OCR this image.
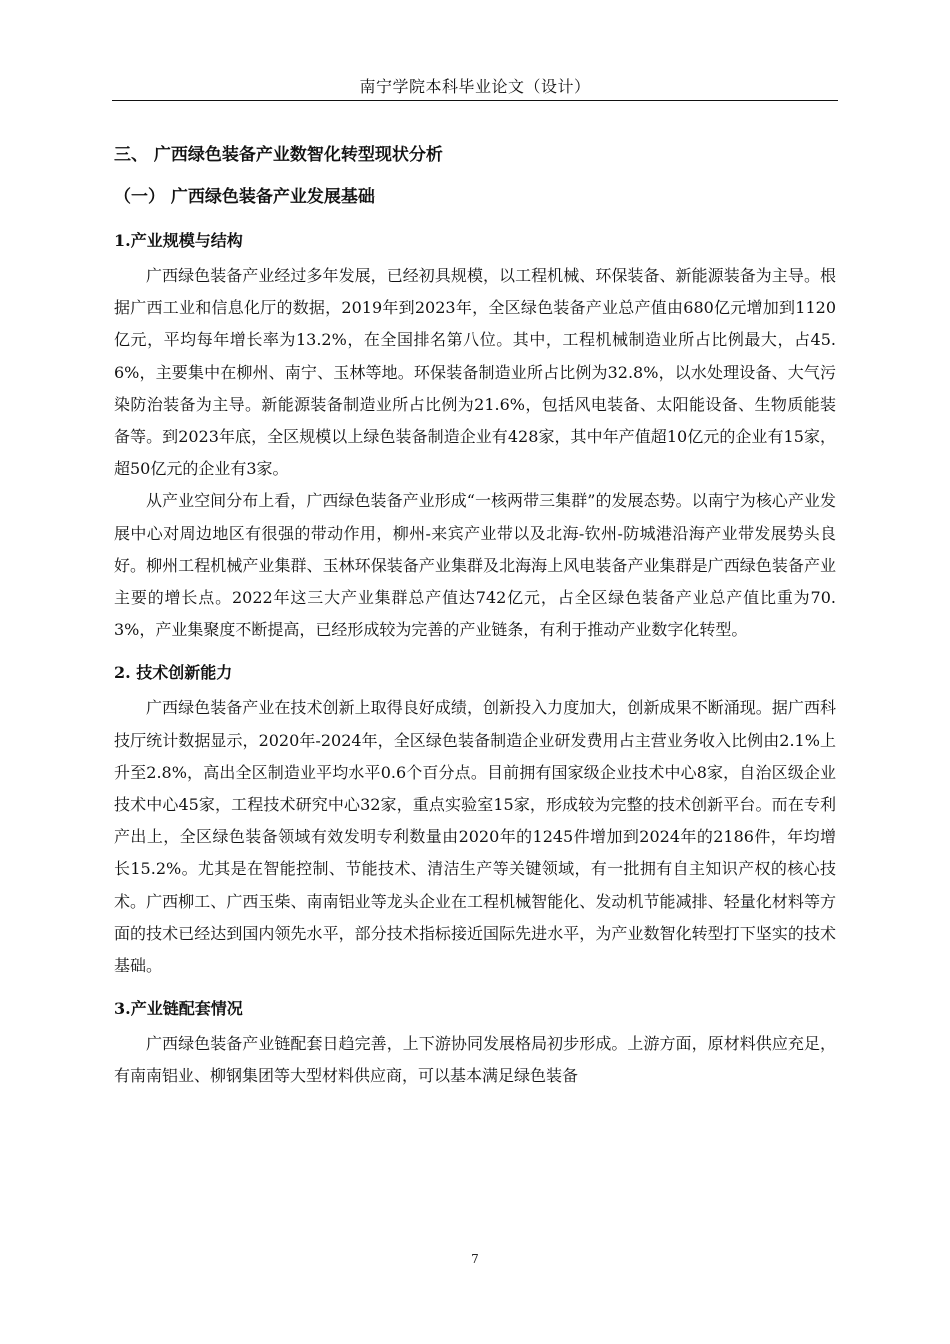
南宁学院本科毕业论文（设计）
三、 广西绿色装备产业数智化转型现状分析
（一） 广西绿色装备产业发展基础
1.产业规模与结构

广西绿色装备产业经过多年发展，已经初具规模，以工程机械、环保装备、新能源装备为主导。根据广西工业和信息化厅的数据，2019年到2023年，全区绿色装备产业总产值由680亿元增加到1120亿元，平均每年增长率为13.2%，在全国排名第八位。其中，工程机械制造业所占比例最大，占45.6%，主要集中在柳州、南宁、玉林等地。环保装备制造业所占比例为32.8%，以水处理设备、大气污染防治装备为主导。新能源装备制造业所占比例为21.6%，包括风电装备、太阳能设备、生物质能装备等。到2023年底，全区规模以上绿色装备制造企业有428家，其中年产值超10亿元的企业有15家，超50亿元的企业有3家。

从产业空间分布上看，广西绿色装备产业形成“一核两带三集群”的发展态势。以南宁为核心产业发展中心对周边地区有很强的带动作用，柳州-来宾产业带以及北海-钦州-防城港沿海产业带发展势头良好。柳州工程机械产业集群、玉林环保装备产业集群及北海海上风电装备产业集群是广西绿色装备产业主要的增长点。2022年这三大产业集群总产值达742亿元，占全区绿色装备产业总产值比重为70.3%，产业集聚度不断提高，已经形成较为完善的产业链条，有利于推动产业数字化转型。

2. 技术创新能力

广西绿色装备产业在技术创新上取得良好成绩，创新投入力度加大，创新成果不断涌现。据广西科技厅统计数据显示，2020年-2024年，全区绿色装备制造企业研发费用占主营业务收入比例由2.1%上升至2.8%，高出全区制造业平均水平0.6个百分点。目前拥有国家级企业技术中心8家，自治区级企业技术中心45家，工程技术研究中心32家，重点实验室15家，形成较为完整的技术创新平台。而在专利产出上，全区绿色装备领域有效发明专利数量由2020年的1245件增加到2024年的2186件，年均增长15.2%。尤其是在智能控制、节能技术、清洁生产等关键领域，有一批拥有自主知识产权的核心技术。广西柳工、广西玉柴、南南铝业等龙头企业在工程机械智能化、发动机节能减排、轻量化材料等方面的技术已经达到国内领先水平，部分技术指标接近国际先进水平，为产业数智化转型打下坚实的技术基础。

3.产业链配套情况

广西绿色装备产业链配套日趋完善，上下游协同发展格局初步形成。上游方面，原材料供应充足，有南南铝业、柳钢集团等大型材料供应商，可以基本满足绿色装备

7
